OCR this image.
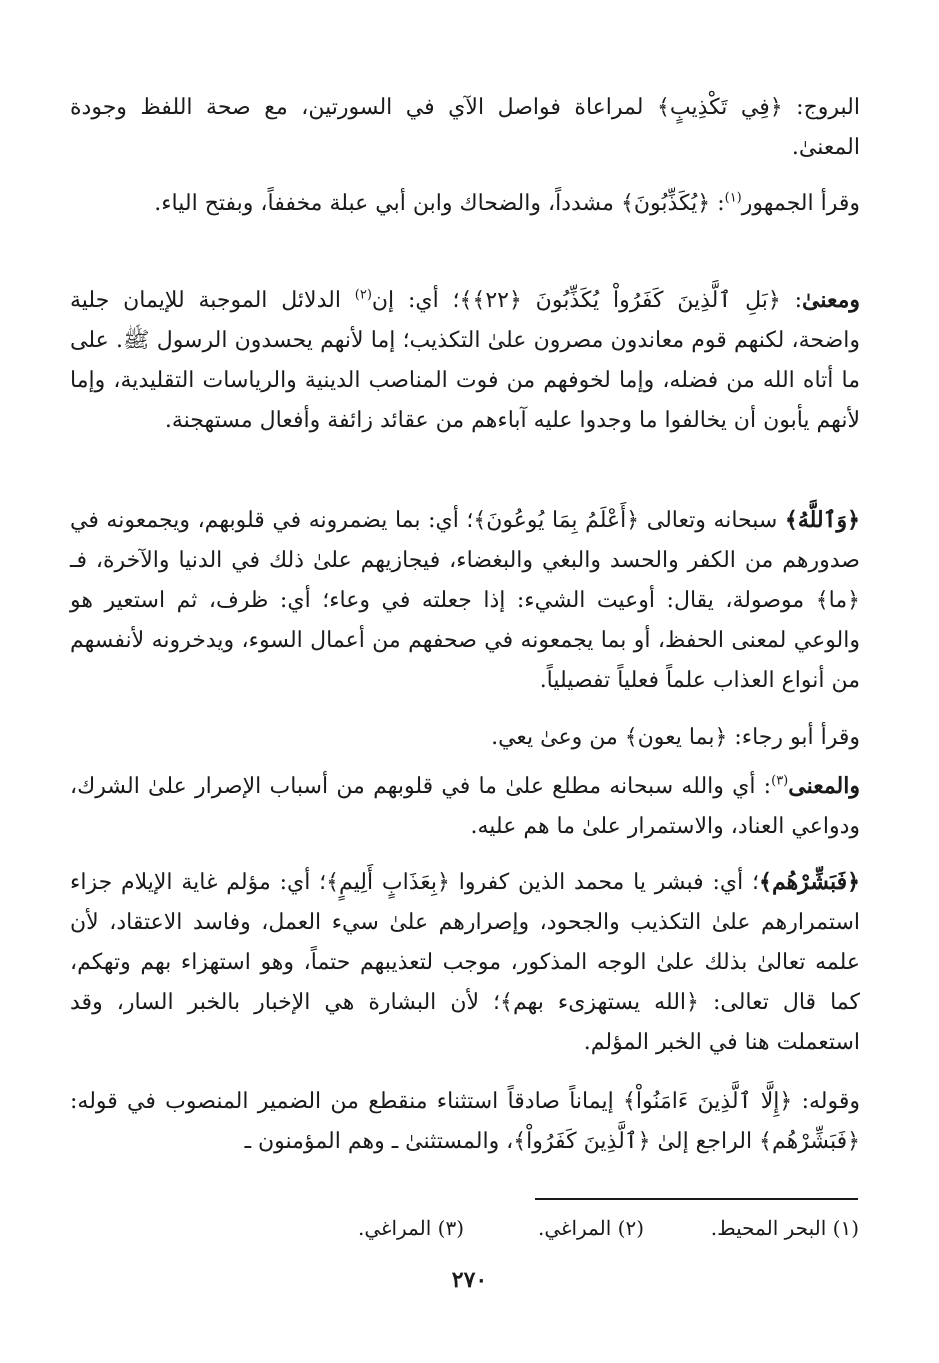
البروج: ﴿فِي تَكْذِيبٍ﴾ لمراعاة فواصل الآي في السورتين، مع صحة اللفظ وجودة المعنىٰ.

وقرأ الجمهور$^{(١)}$: ﴿يُكَذِّبُونَ﴾ مشدداً، والضحاك وابن أبي عبلة مخففاً، وبفتح الياء.

ومعنىٰ: ﴿بَلِ ٱلَّذِينَ كَفَرُواْ يُكَذِّبُونَ ﴿٢٢﴾﴾؛ أي: إن$^{(٢)}$ الدلائل الموجبة للإيمان جلية واضحة، لكنهم قوم معاندون مصرون علىٰ التكذيب؛ إما لأنهم يحسدون الرسول ﷺ. على ما أتاه الله من فضله، وإما لخوفهم من فوت المناصب الدينية والرياسات التقليدية، وإما لأنهم يأبون أن يخالفوا ما وجدوا عليه آباءهم من عقائد زائفة وأفعال مستهجنة.

﴿وَٱللَّهُ﴾ سبحانه وتعالى ﴿أَعْلَمُ بِمَا يُوعُونَ﴾؛ أي: بما يضمرونه في قلوبهم، ويجمعونه في صدورهم من الكفر والحسد والبغي والبغضاء، فيجازيهم علىٰ ذلك في الدنيا والآخرة، فـ ﴿ما﴾ موصولة، يقال: أوعيت الشيء: إذا جعلته في وعاء؛ أي: ظرف، ثم استعير هو والوعي لمعنى الحفظ، أو بما يجمعونه في صحفهم من أعمال السوء، ويدخرونه لأنفسهم من أنواع العذاب علماً فعلياً تفصيلياً.

وقرأ أبو رجاء: ﴿بما يعون﴾ من وعىٰ يعي.

والمعنى$^{(٣)}$: أي والله سبحانه مطلع علىٰ ما في قلوبهم من أسباب الإصرار علىٰ الشرك، ودواعي العناد، والاستمرار علىٰ ما هم عليه.

﴿فَبَشِّرْهُم﴾؛ أي: فبشر يا محمد الذين كفروا ﴿بِعَذَابٍ أَلِيمٍ﴾؛ أي: مؤلم غاية الإيلام جزاء استمرارهم علىٰ التكذيب والجحود، وإصرارهم علىٰ سيء العمل، وفاسد الاعتقاد، لأن علمه تعالىٰ بذلك علىٰ الوجه المذكور، موجب لتعذيبهم حتماً، وهو استهزاء بهم وتهكم، كما قال تعالى: ﴿الله يستهزىء بهم﴾؛ لأن البشارة هي الإخبار بالخبر السار، وقد استعملت هنا في الخبر المؤلم.

وقوله: ﴿إِلَّا ٱلَّذِينَ ءَامَنُواْ﴾ إيماناً صادقاً استثناء منقطع من الضمير المنصوب في قوله: ﴿فَبَشِّرْهُم﴾ الراجع إلىٰ ﴿ٱلَّذِينَ كَفَرُواْ﴾، والمستثنىٰ ـ وهم المؤمنون ـ

(١) البحر المحيط.
(٢) المراغي.
(٣) المراغي.
٢٧٠
